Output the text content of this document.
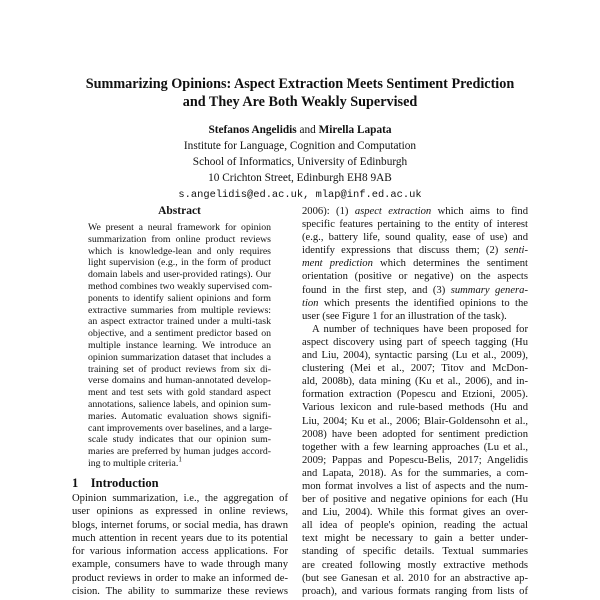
Summarizing Opinions: Aspect Extraction Meets Sentiment Prediction
and They Are Both Weakly Supervised
Stefanos Angelidis and Mirella Lapata
Institute for Language, Cognition and Computation
School of Informatics, University of Edinburgh
10 Crichton Street, Edinburgh EH8 9AB
s.angelidis@ed.ac.uk, mlap@inf.ed.ac.uk
Abstract
We present a neural framework for opinion
summarization from online product reviews
which is knowledge-lean and only requires
light supervision (e.g., in the form of product
domain labels and user-provided ratings). Our
method combines two weakly supervised com-
ponents to identify salient opinions and form
extractive summaries from multiple reviews:
an aspect extractor trained under a multi-task
objective, and a sentiment predictor based on
multiple instance learning. We introduce an
opinion summarization dataset that includes a
training set of product reviews from six di-
verse domains and human-annotated develop-
ment and test sets with gold standard aspect
annotations, salience labels, and opinion sum-
maries. Automatic evaluation shows signifi-
cant improvements over baselines, and a large-
scale study indicates that our opinion sum-
maries are preferred by human judges accord-
ing to multiple criteria.$^1$
1 Introduction
Opinion summarization, i.e., the aggregation of
user opinions as expressed in online reviews,
blogs, internet forums, or social media, has drawn
much attention in recent years due to its potential
for various information access applications. For
example, consumers have to wade through many
product reviews in order to make an informed de-
cision. The ability to summarize these reviews
2006): (1) aspect extraction which aims to find
specific features pertaining to the entity of interest
(e.g., battery life, sound quality, ease of use) and
identify expressions that discuss them; (2) senti-
ment prediction which determines the sentiment
orientation (positive or negative) on the aspects
found in the first step, and (3) summary genera-
tion which presents the identified opinions to the
user (see Figure 1 for an illustration of the task).
A number of techniques have been proposed for
aspect discovery using part of speech tagging (Hu
and Liu, 2004), syntactic parsing (Lu et al., 2009),
clustering (Mei et al., 2007; Titov and McDon-
ald, 2008b), data mining (Ku et al., 2006), and in-
formation extraction (Popescu and Etzioni, 2005).
Various lexicon and rule-based methods (Hu and
Liu, 2004; Ku et al., 2006; Blair-Goldensohn et al.,
2008) have been adopted for sentiment prediction
together with a few learning approaches (Lu et al.,
2009; Pappas and Popescu-Belis, 2017; Angelidis
and Lapata, 2018). As for the summaries, a com-
mon format involves a list of aspects and the num-
ber of positive and negative opinions for each (Hu
and Liu, 2004). While this format gives an over-
all idea of people's opinion, reading the actual
text might be necessary to gain a better under-
standing of specific details. Textual summaries
are created following mostly extractive methods
(but see Ganesan et al. 2010 for an abstractive ap-
proach), and various formats ranging from lists of
